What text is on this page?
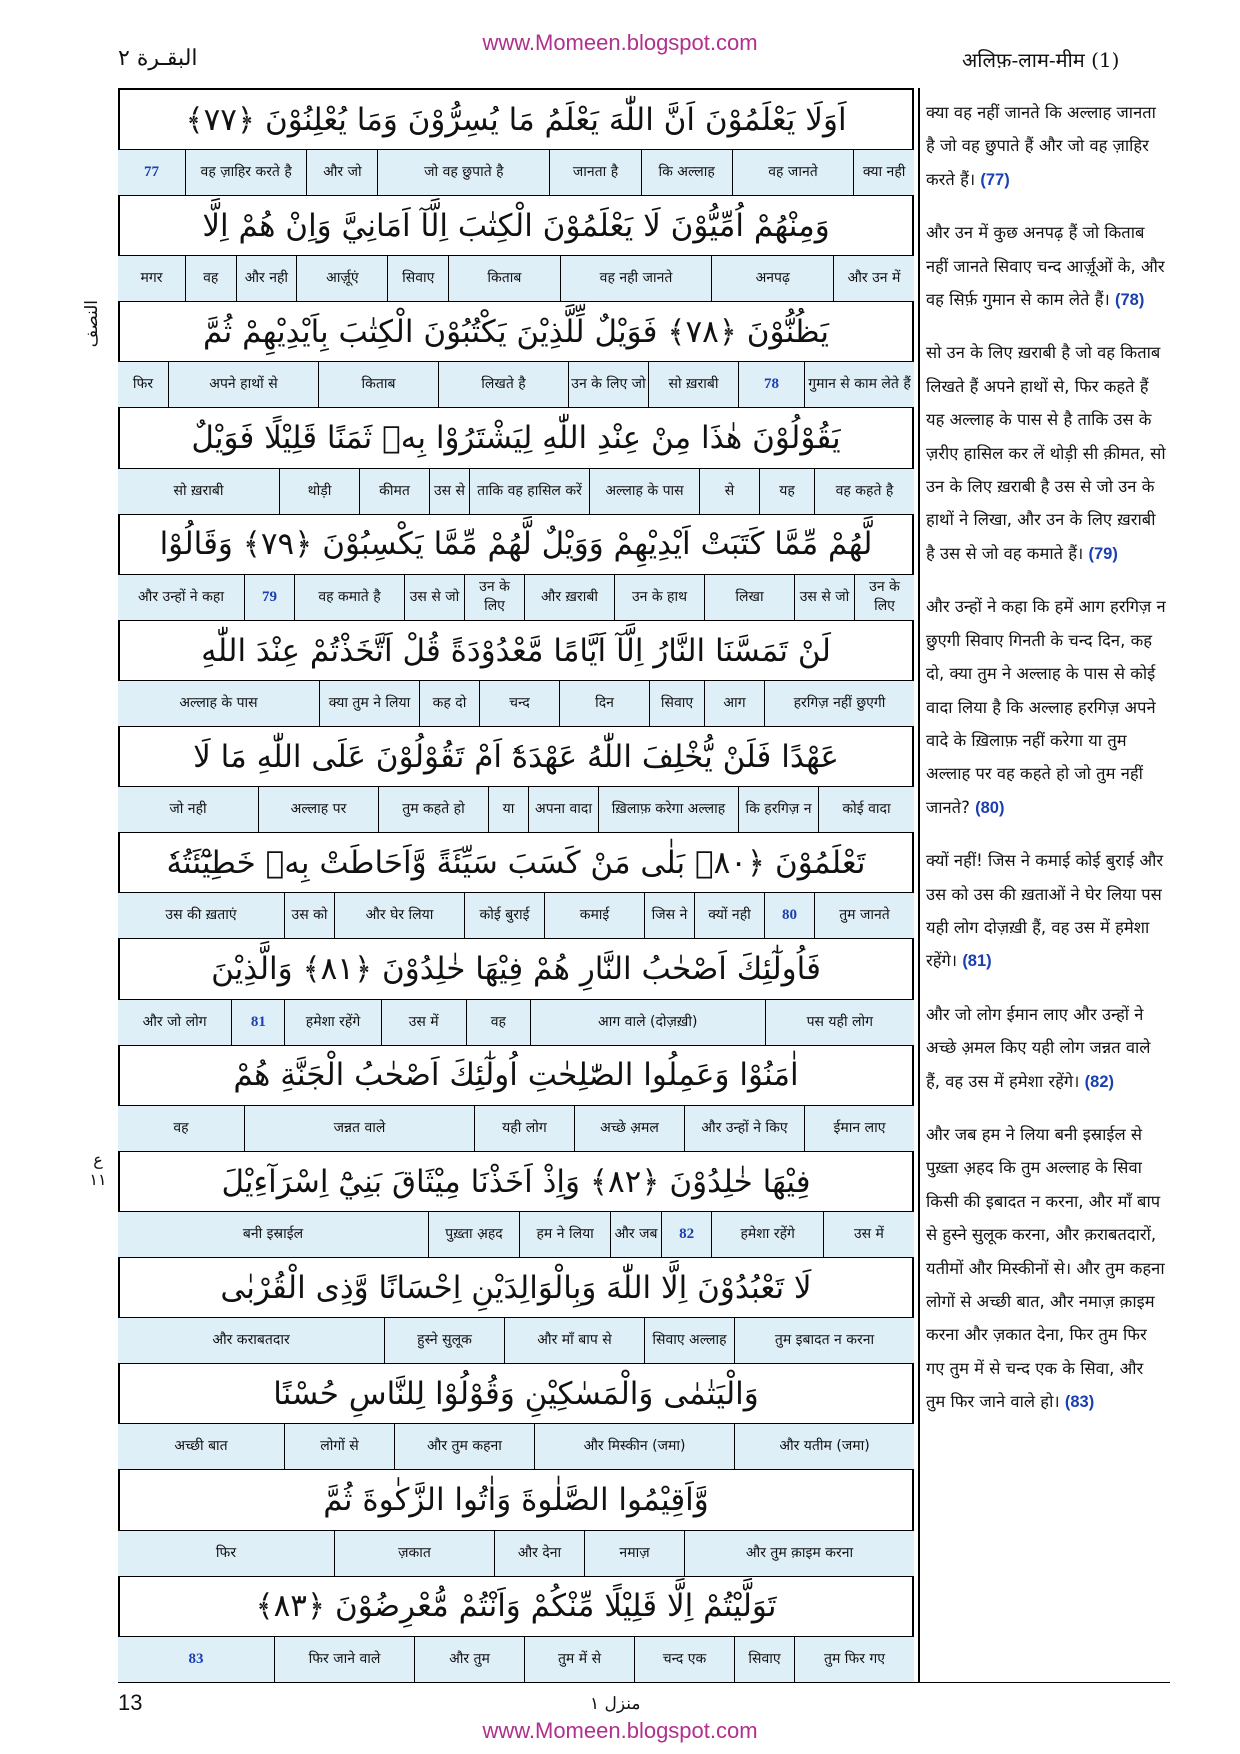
www.Momeen.blogspot.com
البقـرة ٢	अलिफ़-लाम-मीम (1)
النصف
ع ١١
اَوَلَا يَعْلَمُوْنَ اَنَّ اللّٰهَ يَعْلَمُ مَا يُسِرُّوْنَ وَمَا يُعْلِنُوْنَ ﴿٧٧﴾
क्या नही
वह जानते
कि अल्लाह
जानता है
जो वह छुपाते है
और जो
वह ज़ाहिर करते है
77
وَمِنْهُمْ اُمِّيُّوْنَ لَا يَعْلَمُوْنَ الْكِتٰبَ اِلَّآ اَمَانِيَّ وَاِنْ هُمْ اِلَّا
और उन में
अनपढ़
वह नही जानते
किताब
सिवाए
आर्ज़ूएं
और नही
वह
मगर
يَظُنُّوْنَ ﴿٧٨﴾ فَوَيْلٌ لِّلَّذِيْنَ يَكْتُبُوْنَ الْكِتٰبَ بِاَيْدِيْهِمْ ثُمَّ
गुमान से काम लेते हैं
78
सो ख़राबी
उन के लिए जो
लिखते है
किताब
अपने हाथों से
फिर
يَقُوْلُوْنَ هٰذَا مِنْ عِنْدِ اللّٰهِ لِيَشْتَرُوْا بِهٖ ثَمَنًا قَلِيْلًا فَوَيْلٌ
वह कहते है
यह
से
अल्लाह के पास
ताकि वह हासिल करें
उस से
कीमत
थोड़ी
सो ख़राबी
لَّهُمْ مِّمَّا كَتَبَتْ اَيْدِيْهِمْ وَوَيْلٌ لَّهُمْ مِّمَّا يَكْسِبُوْنَ ﴿٧٩﴾ وَقَالُوْا
उन के लिए
उस से जो
लिखा
उन के हाथ
और ख़राबी
उन के लिए
उस से जो
वह कमाते है
79
और उन्हों ने कहा
لَنْ تَمَسَّنَا النَّارُ اِلَّآ اَيَّامًا مَّعْدُوْدَةً قُلْ اَتَّخَذْتُمْ عِنْدَ اللّٰهِ
हरगिज़ नहीं छुएगी
आग
सिवाए
दिन
चन्द
कह दो
क्या तुम ने लिया
अल्लाह के पास
عَهْدًا فَلَنْ يُّخْلِفَ اللّٰهُ عَهْدَهٗٓ اَمْ تَقُوْلُوْنَ عَلَى اللّٰهِ مَا لَا
कोई वादा
कि हरगिज़ न
ख़िलाफ़ करेगा अल्लाह
अपना वादा
या
तुम कहते हो
अल्लाह पर
जो नही
تَعْلَمُوْنَ ﴿٨٠﴾ بَلٰى مَنْ كَسَبَ سَيِّئَةً وَّاَحَاطَتْ بِهٖ خَطِيْٓئَتُهٗ
तुम जानते
80
क्यों नही
जिस ने
कमाई
कोई बुराई
और घेर लिया
उस को
उस की ख़ताएं
فَاُولٰٓئِكَ اَصْحٰبُ النَّارِ هُمْ فِيْهَا خٰلِدُوْنَ ﴿٨١﴾ وَالَّذِيْنَ
पस यही लोग
आग वाले (दोज़ख़ी)
वह
उस में
हमेशा रहेंगे
81
और जो लोग
اٰمَنُوْا وَعَمِلُوا الصّٰلِحٰتِ اُولٰٓئِكَ اَصْحٰبُ الْجَنَّةِ هُمْ
ईमान लाए
और उन्हों ने किए
अच्छे अ़मल
यही लोग
जन्नत वाले
वह
فِيْهَا خٰلِدُوْنَ ﴿٨٢﴾ وَاِذْ اَخَذْنَا مِيْثَاقَ بَنِيْٓ اِسْرَآءِيْلَ
उस में
हमेशा रहेंगे
82
और जब
हम ने लिया
पुख़्ता अ़हद
बनी इस्राईल
لَا تَعْبُدُوْنَ اِلَّا اللّٰهَ وَبِالْوَالِدَيْنِ اِحْسَانًا وَّذِى الْقُرْبٰى
तुम इबादत न करना
सिवाए अल्लाह
और माँ बाप से
हुस्ने सुलूक
और कराबतदार
وَالْيَتٰمٰى وَالْمَسٰكِيْنِ وَقُوْلُوْا لِلنَّاسِ حُسْنًا
और यतीम (जमा)
और मिस्कीन (जमा)
और तुम कहना
लोगों से
अच्छी बात
وَّاَقِيْمُوا الصَّلٰوةَ وَاٰتُوا الزَّكٰوةَ ثُمَّ
और तुम क़ाइम करना
नमाज़
और देना
ज़कात
फिर
تَوَلَّيْتُمْ اِلَّا قَلِيْلًا مِّنْكُمْ وَاَنْتُمْ مُّعْرِضُوْنَ ﴿٨٣﴾
तुम फिर गए
सिवाए
चन्द एक
तुम में से
और तुम
फिर जाने वाले
83

क्या वह नहीं जानते कि अल्लाह जानता है जो वह छुपाते हैं और जो वह ज़ाहिर करते हैं। (77)

और उन में कुछ अनपढ़ हैं जो किताब नहीं जानते सिवाए चन्द आर्ज़ूओं के, और वह सिर्फ़ गुमान से काम लेते हैं। (78)

सो उन के लिए ख़राबी है जो वह किताब लिखते हैं अपने हाथों से, फिर कहते हैं यह अल्लाह के पास से है ताकि उस के ज़रीए हासिल कर लें थोड़ी सी क़ीमत, सो उन के लिए ख़राबी है उस से जो उन के हाथों ने लिखा, और उन के लिए ख़राबी है उस से जो वह कमाते हैं। (79)

और उन्हों ने कहा कि हमें आग हरगिज़ न छुएगी सिवाए गिनती के चन्द दिन, कह दो, क्या तुम ने अल्लाह के पास से कोई वादा लिया है कि अल्लाह हरगिज़ अपने वादे के ख़िलाफ़ नहीं करेगा या तुम अल्लाह पर वह कहते हो जो तुम नहीं जानते? (80)

क्यों नहीं! जिस ने कमाई कोई बुराई और उस को उस की ख़ताओं ने घेर लिया पस यही लोग दोज़ख़ी हैं, वह उस में हमेशा रहेंगे। (81)

और जो लोग ईमान लाए और उन्हों ने अच्छे अ़मल किए यही लोग जन्नत वाले हैं, वह उस में हमेशा रहेंगे। (82)

और जब हम ने लिया बनी इस्राईल से पुख़्ता अ़हद कि तुम अल्लाह के सिवा किसी की इबादत न करना, और माँ बाप से हुस्ने सुलूक करना, और क़राबतदारों, यतीमों और मिस्कीनों से। और तुम कहना लोगों से अच्छी बात, और नमाज़ क़ाइम करना और ज़कात देना, फिर तुम फिर गए तुम में से चन्द एक के सिवा, और तुम फिर जाने वाले हो। (83)

13	منزل ١
www.Momeen.blogspot.com
